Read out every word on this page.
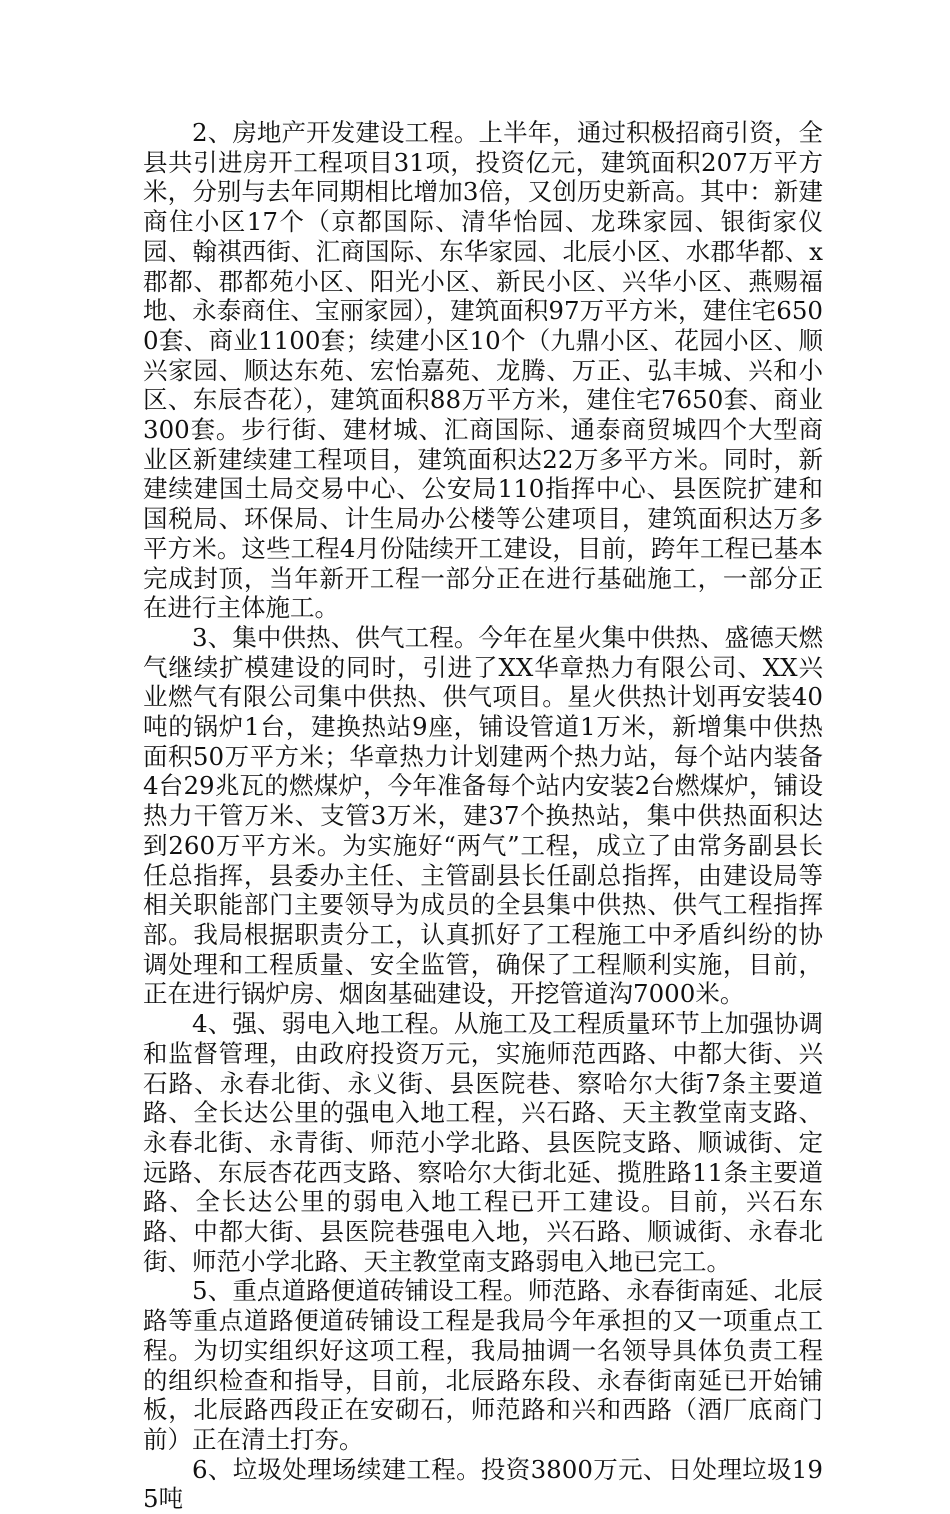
2、房地产开发建设工程。上半年，通过积极招商引资，全县共引进房开工程项目31项，投资亿元，建筑面积207万平方米，分别与去年同期相比增加3倍，又创历史新高。其中：新建商住小区17个（京都国际、清华怡园、龙珠家园、银街家仪园、翰祺西街、汇商国际、东华家园、北辰小区、水郡华都、x郡都、郡都苑小区、阳光小区、新民小区、兴华小区、燕赐福地、永泰商住、宝丽家园），建筑面积97万平方米，建住宅6500套、商业1100套；续建小区10个（九鼎小区、花园小区、顺兴家园、顺达东苑、宏怡嘉苑、龙腾、万正、弘丰城、兴和小区、东辰杏花），建筑面积88万平方米，建住宅7650套、商业300套。步行街、建材城、汇商国际、通泰商贸城四个大型商业区新建续建工程项目，建筑面积达22万多平方米。同时，新建续建国土局交易中心、公安局110指挥中心、县医院扩建和国税局、环保局、计生局办公楼等公建项目，建筑面积达万多平方米。这些工程4月份陆续开工建设，目前，跨年工程已基本完成封顶，当年新开工程一部分正在进行基础施工，一部分正在进行主体施工。

3、集中供热、供气工程。今年在星火集中供热、盛德天燃气继续扩模建设的同时，引进了XX华章热力有限公司、XX兴业燃气有限公司集中供热、供气项目。星火供热计划再安装40吨的锅炉1台，建换热站9座，铺设管道1万米，新增集中供热面积50万平方米；华章热力计划建两个热力站，每个站内装备4台29兆瓦的燃煤炉，今年准备每个站内安装2台燃煤炉，铺设热力干管万米、支管3万米，建37个换热站，集中供热面积达到260万平方米。为实施好“两气”工程，成立了由常务副县长任总指挥，县委办主任、主管副县长任副总指挥，由建设局等相关职能部门主要领导为成员的全县集中供热、供气工程指挥部。我局根据职责分工，认真抓好了工程施工中矛盾纠纷的协调处理和工程质量、安全监管，确保了工程顺利实施，目前，正在进行锅炉房、烟囱基础建设，开挖管道沟7000米。

4、强、弱电入地工程。从施工及工程质量环节上加强协调和监督管理，由政府投资万元，实施师范西路、中都大街、兴石路、永春北街、永义街、县医院巷、察哈尔大街7条主要道路、全长达公里的强电入地工程，兴石路、天主教堂南支路、永春北街、永青街、师范小学北路、县医院支路、顺诚街、定远路、东辰杏花西支路、察哈尔大街北延、揽胜路11条主要道路、全长达公里的弱电入地工程已开工建设。目前，兴石东路、中都大街、县医院巷强电入地，兴石路、顺诚街、永春北街、师范小学北路、天主教堂南支路弱电入地已完工。

5、重点道路便道砖铺设工程。师范路、永春街南延、北辰路等重点道路便道砖铺设工程是我局今年承担的又一项重点工程。为切实组织好这项工程，我局抽调一名领导具体负责工程的组织检查和指导，目前，北辰路东段、永春街南延已开始铺板，北辰路西段正在安砌石，师范路和兴和西路（酒厂底商门前）正在清土打夯。

6、垃圾处理场续建工程。投资3800万元、日处理垃圾195吨
